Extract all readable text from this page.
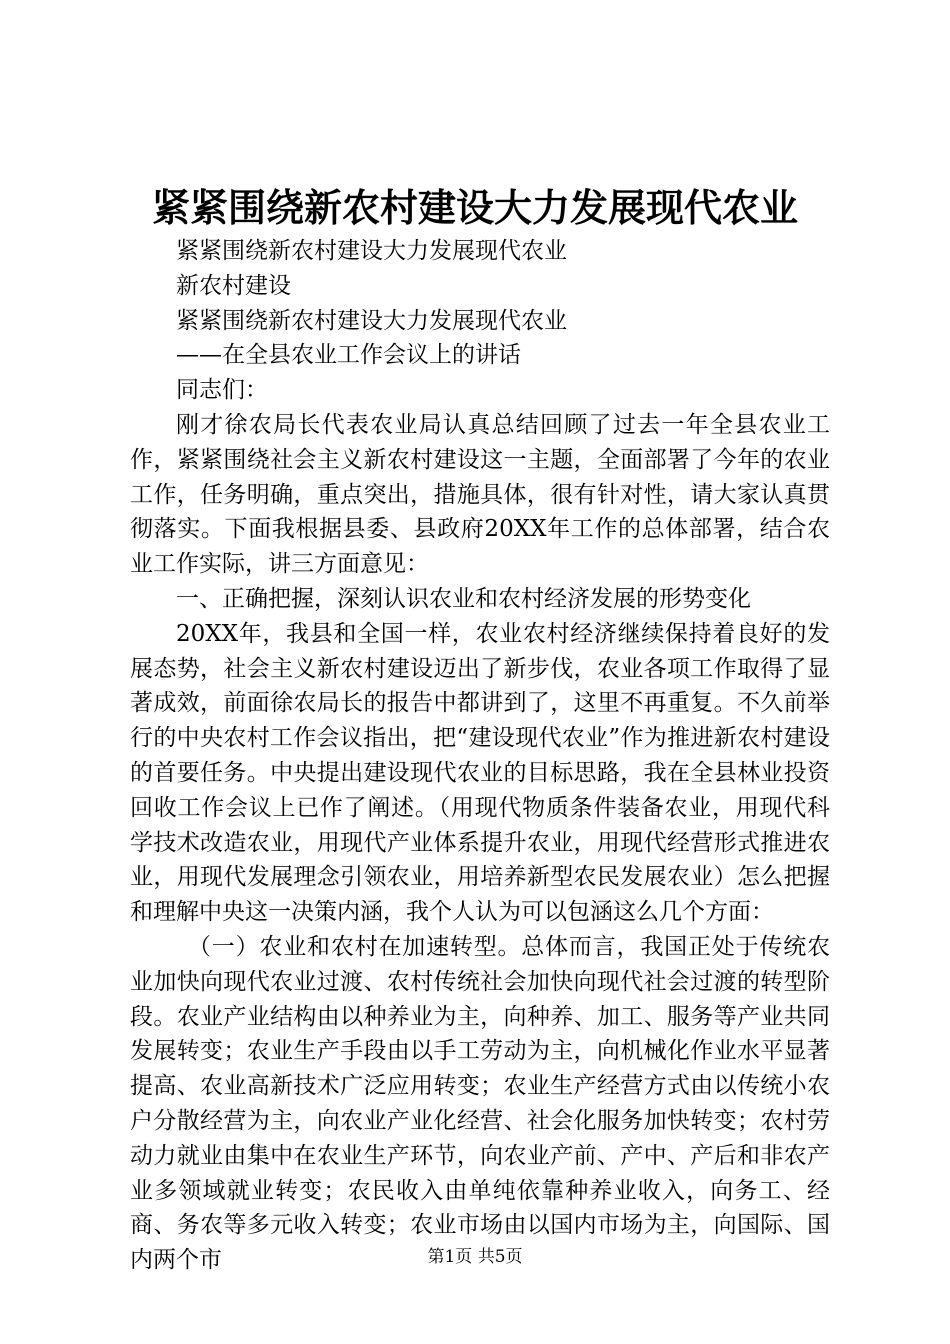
紧紧围绕新农村建设大力发展现代农业

紧紧围绕新农村建设大力发展现代农业

新农村建设

紧紧围绕新农村建设大力发展现代农业

——在全县农业工作会议上的讲话

同志们：

刚才徐农局长代表农业局认真总结回顾了过去一年全县农业工作，紧紧围绕社会主义新农村建设这一主题，全面部署了今年的农业工作，任务明确，重点突出，措施具体，很有针对性，请大家认真贯彻落实。下面我根据县委、县政府20XX年工作的总体部署，结合农业工作实际，讲三方面意见：

一、正确把握，深刻认识农业和农村经济发展的形势变化

20XX年，我县和全国一样，农业农村经济继续保持着良好的发展态势，社会主义新农村建设迈出了新步伐，农业各项工作取得了显著成效，前面徐农局长的报告中都讲到了，这里不再重复。不久前举行的中央农村工作会议指出，把“建设现代农业”作为推进新农村建设的首要任务。中央提出建设现代农业的目标思路，我在全县林业投资回收工作会议上已作了阐述。（用现代物质条件装备农业，用现代科学技术改造农业，用现代产业体系提升农业，用现代经营形式推进农业，用现代发展理念引领农业，用培养新型农民发展农业）怎么把握和理解中央这一决策内涵，我个人认为可以包涵这么几个方面：

（一）农业和农村在加速转型。总体而言，我国正处于传统农业加快向现代农业过渡、农村传统社会加快向现代社会过渡的转型阶段。农业产业结构由以种养业为主，向种养、加工、服务等产业共同发展转变；农业生产手段由以手工劳动为主，向机械化作业水平显著提高、农业高新技术广泛应用转变；农业生产经营方式由以传统小农户分散经营为主，向农业产业化经营、社会化服务加快转变；农村劳动力就业由集中在农业生产环节，向农业产前、产中、产后和非农产业多领域就业转变；农民收入由单纯依靠种养业收入，向务工、经商、务农等多元收入转变；农业市场由以国内市场为主，向国际、国内两个市	第1页 共5页
